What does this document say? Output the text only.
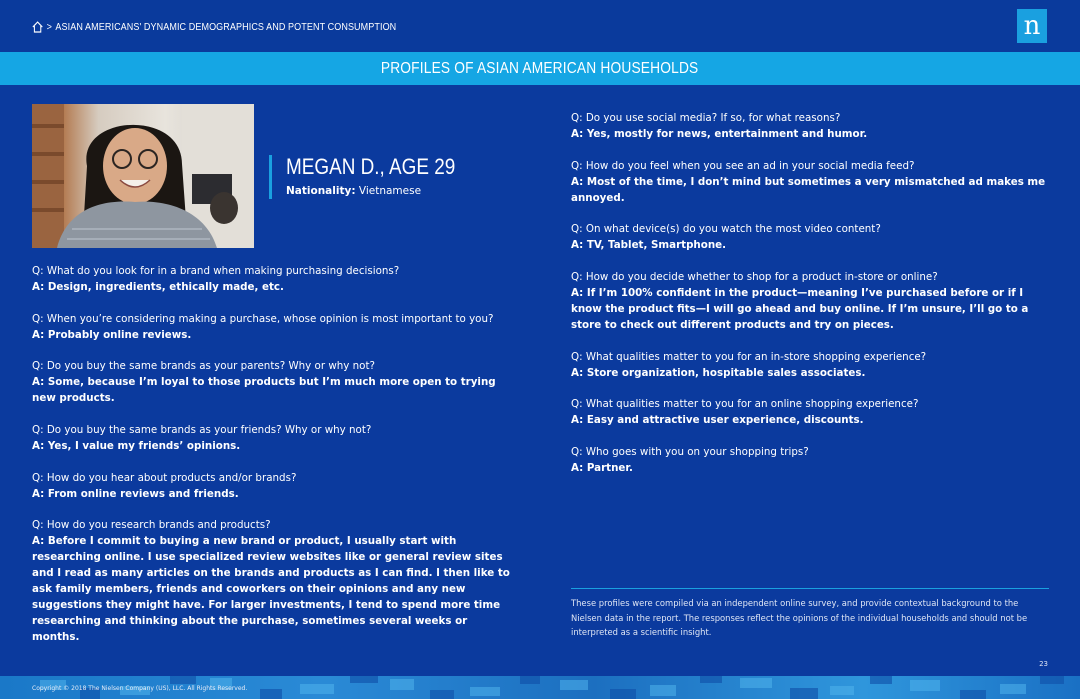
> ASIAN AMERICANS' DYNAMIC DEMOGRAPHICS AND POTENT CONSUMPTION	n
PROFILES OF ASIAN AMERICAN HOUSEHOLDS
MEGAN D., AGE 29
Nationality: Vietnamese
Q: What do you look for in a brand when making purchasing decisions?
A: Design, ingredients, ethically made, etc.
Q: When you’re considering making a purchase, whose opinion is most important to you?
A: Probably online reviews.
Q: Do you buy the same brands as your parents? Why or why not?
A: Some, because I’m loyal to those products but I’m much more open to trying new products.
Q: Do you buy the same brands as your friends? Why or why not?
A: Yes, I value my friends’ opinions.
Q: How do you hear about products and/or brands?
A: From online reviews and friends.
Q: How do you research brands and products?
A: Before I commit to buying a new brand or product, I usually start with researching online. I use specialized review websites like or general review sites and I read as many articles on the brands and products as I can find. I then like to ask family members, friends and coworkers on their opinions and any new suggestions they might have. For larger investments, I tend to spend more time researching and thinking about the purchase, sometimes several weeks or months.
Q: Do you use social media? If so, for what reasons?
A: Yes, mostly for news, entertainment and humor.
Q: How do you feel when you see an ad in your social media feed?
A: Most of the time, I don’t mind but sometimes a very mismatched ad makes me annoyed.
Q: On what device(s) do you watch the most video content?
A: TV, Tablet, Smartphone.
Q: How do you decide whether to shop for a product in-store or online?
A: If I’m 100% confident in the product—meaning I’ve purchased before or if I know the product fits—I will go ahead and buy online. If I’m unsure, I’ll go to a store to check out different products and try on pieces.
Q: What qualities matter to you for an in-store shopping experience?
A: Store organization, hospitable sales associates.
Q: What qualities matter to you for an online shopping experience?
A: Easy and attractive user experience, discounts.
Q: Who goes with you on your shopping trips?
A: Partner.
These profiles were compiled via an independent online survey, and provide contextual background to the Nielsen data in the report. The responses reflect the opinions of the individual households and should not be interpreted as a scientific insight.
23
Copyright © 2018 The Nielsen Company (US), LLC. All Rights Reserved.
